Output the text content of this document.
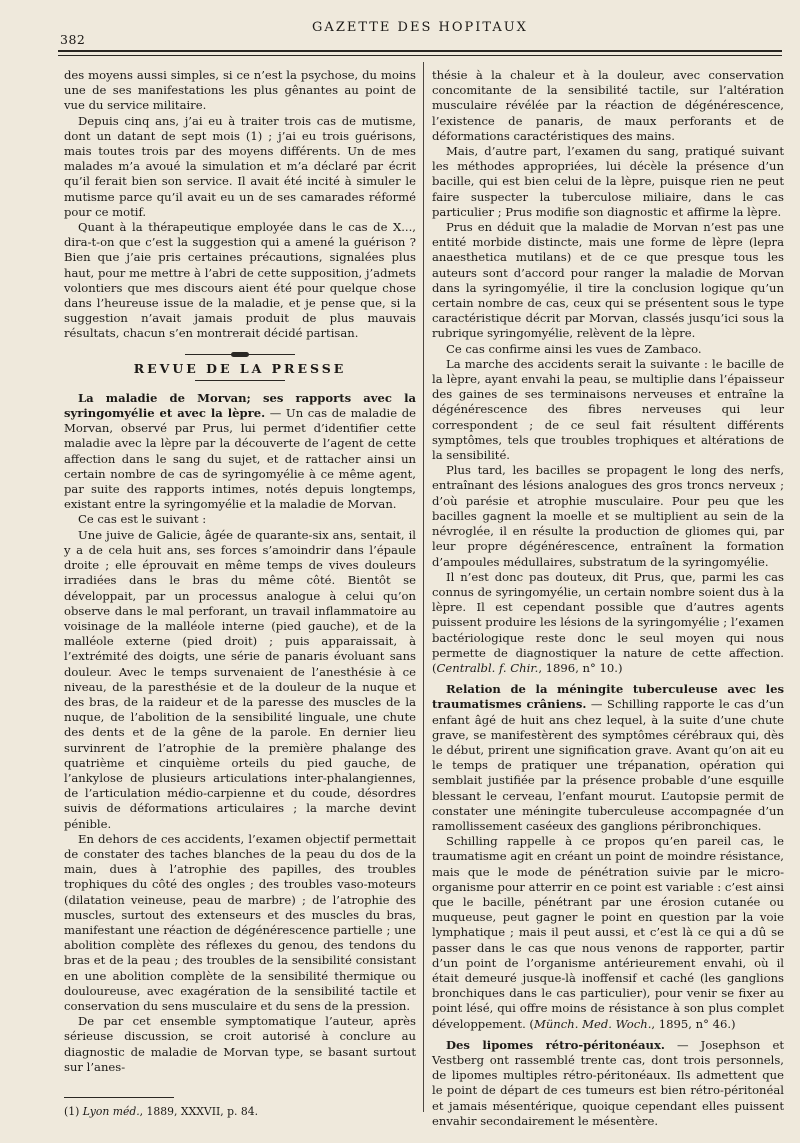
382
GAZETTE DES HOPITAUX

des moyens aussi simples, si ce n’est la psychose, du moins une de ses manifestations les plus gênantes au point de vue du service militaire.

Depuis cinq ans, j’ai eu à traiter trois cas de mutisme, dont un datant de sept mois (1) ; j’ai eu trois guérisons, mais toutes trois par des moyens différents. Un de mes malades m’a avoué la simulation et m’a déclaré par écrit qu’il ferait bien son service. Il avait été incité à simuler le mutisme parce qu’il avait eu un de ses camarades réformé pour ce motif.

Quant à la thérapeutique employée dans le cas de X..., dira-t-on que c’est la suggestion qui a amené la guérison ? Bien que j’aie pris certaines précautions, signalées plus haut, pour me mettre à l’abri de cette supposition, j’admets volontiers que mes discours aient été pour quelque chose dans l’heureuse issue de la maladie, et je pense que, si la suggestion n’avait jamais produit de plus mauvais résultats, chacun s’en montrerait décidé partisan.

REVUE DE LA PRESSE

La maladie de Morvan; ses rapports avec la syringomyélie et avec la lèpre. — Un cas de maladie de Morvan, observé par Prus, lui permet d’identifier cette maladie avec la lèpre par la découverte de l’agent de cette affection dans le sang du sujet, et de rattacher ainsi un certain nombre de cas de syringomyélie à ce même agent, par suite des rapports intimes, notés depuis longtemps, existant entre la syringomyélie et la maladie de Morvan.

Ce cas est le suivant :

Une juive de Galicie, âgée de quarante-six ans, sentait, il y a de cela huit ans, ses forces s’amoindrir dans l’épaule droite ; elle éprouvait en même temps de vives douleurs irradiées dans le bras du même côté. Bientôt se développait, par un processus analogue à celui qu’on observe dans le mal perforant, un travail inflammatoire au voisinage de la malléole interne (pied gauche), et de la malléole externe (pied droit) ; puis apparaissait, à l’extrémité des doigts, une série de panaris évoluant sans douleur. Avec le temps survenaient de l’anesthésie à ce niveau, de la paresthésie et de la douleur de la nuque et des bras, de la raideur et de la paresse des muscles de la nuque, de l’abolition de la sensibilité linguale, une chute des dents et de la gêne de la parole. En dernier lieu survinrent de l’atrophie de la première phalange des quatrième et cinquième orteils du pied gauche, de l’ankylose de plusieurs articulations inter-phalangiennes, de l’articulation médio-carpienne et du coude, désordres suivis de déformations articulaires ; la marche devint pénible.

En dehors de ces accidents, l’examen objectif permettait de constater des taches blanches de la peau du dos de la main, dues à l’atrophie des papilles, des troubles trophiques du côté des ongles ; des troubles vaso-moteurs (dilatation veineuse, peau de marbre) ; de l’atrophie des muscles, surtout des extenseurs et des muscles du bras, manifestant une réaction de dégénérescence partielle ; une abolition complète des réflexes du genou, des tendons du bras et de la peau ; des troubles de la sensibilité consistant en une abolition complète de la sensibilité thermique ou douloureuse, avec exagération de la sensibilité tactile et conservation du sens musculaire et du sens de la pression.

De par cet ensemble symptomatique l’auteur, après sérieuse discussion, se croit autorisé à conclure au diagnostic de maladie de Morvan type, se basant surtout sur l’anes-

(1) Lyon méd., 1889, XXXVII, p. 84.

thésie à la chaleur et à la douleur, avec conservation concomitante de la sensibilité tactile, sur l’altération musculaire révélée par la réaction de dégénérescence, l’existence de panaris, de maux perforants et de déformations caractéristiques des mains.

Mais, d’autre part, l’examen du sang, pratiqué suivant les méthodes appropriées, lui décèle la présence d’un bacille, qui est bien celui de la lèpre, puisque rien ne peut faire suspecter la tuberculose miliaire, dans le cas particulier ; Prus modifie son diagnostic et affirme la lèpre.

Prus en déduit que la maladie de Morvan n’est pas une entité morbide distincte, mais une forme de lèpre (lepra anaesthetica mutilans) et de ce que presque tous les auteurs sont d’accord pour ranger la maladie de Morvan dans la syringomyélie, il tire la conclusion logique qu’un certain nombre de cas, ceux qui se présentent sous le type caractéristique décrit par Morvan, classés jusqu’ici sous la rubrique syringomyélie, relèvent de la lèpre.

Ce cas confirme ainsi les vues de Zambaco.

La marche des accidents serait la suivante : le bacille de la lèpre, ayant envahi la peau, se multiplie dans l’épaisseur des gaines de ses terminaisons nerveuses et entraîne la dégénérescence des fibres nerveuses qui leur correspondent ; de ce seul fait résultent différents symptômes, tels que troubles trophiques et altérations de la sensibilité.

Plus tard, les bacilles se propagent le long des nerfs, entraînant des lésions analogues des gros troncs nerveux ; d’où parésie et atrophie musculaire. Pour peu que les bacilles gagnent la moelle et se multiplient au sein de la névroglée, il en résulte la production de gliomes qui, par leur propre dégénérescence, entraînent la formation d’ampoules médullaires, substratum de la syringomyélie.

Il n’est donc pas douteux, dit Prus, que, parmi les cas connus de syringomyélie, un certain nombre soient dus à la lèpre. Il est cependant possible que d’autres agents puissent produire les lésions de la syringomyélie ; l’examen bactériologique reste donc le seul moyen qui nous permette de diagnostiquer la nature de cette affection. (Centralbl. f. Chir., 1896, n° 10.)

Relation de la méningite tuberculeuse avec les traumatismes crâniens. — Schilling rapporte le cas d’un enfant âgé de huit ans chez lequel, à la suite d’une chute grave, se manifestèrent des symptômes cérébraux qui, dès le début, prirent une signification grave. Avant qu’on ait eu le temps de pratiquer une trépanation, opération qui semblait justifiée par la présence probable d’une esquille blessant le cerveau, l’enfant mourut. L’autopsie permit de constater une méningite tuberculeuse accompagnée d’un ramollissement caséeux des ganglions péribronchiques.

Schilling rappelle à ce propos qu’en pareil cas, le traumatisme agit en créant un point de moindre résistance, mais que le mode de pénétration suivie par le micro-organisme pour atterrir en ce point est variable : c’est ainsi que le bacille, pénétrant par une érosion cutanée ou muqueuse, peut gagner le point en question par la voie lymphatique ; mais il peut aussi, et c’est là ce qui a dû se passer dans le cas que nous venons de rapporter, partir d’un point de l’organisme antérieurement envahi, où il était demeuré jusque-là inoffensif et caché (les ganglions bronchiques dans le cas particulier), pour venir se fixer au point lésé, qui offre moins de résistance à son plus complet développement. (Münch. Med. Woch., 1895, n° 46.)

Des lipomes rétro-péritonéaux. — Josephson et Vestberg ont rassemblé trente cas, dont trois personnels, de lipomes multiples rétro-péritonéaux. Ils admettent que le point de départ de ces tumeurs est bien rétro-péritonéal et jamais mésentérique, quoique cependant elles puissent envahir secondairement le mésentère.
